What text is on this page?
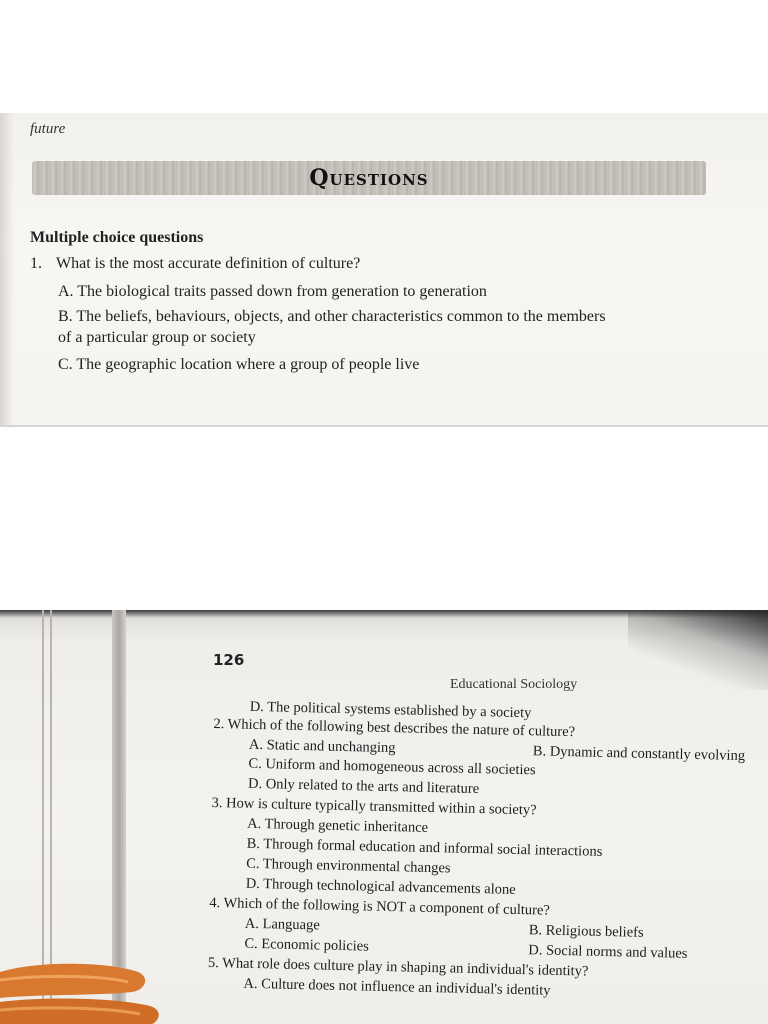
future
Questions
Multiple choice questions
1. What is the most accurate definition of culture?
A. The biological traits passed down from generation to generation
B. The beliefs, behaviours, objects, and other characteristics common to the members
of a particular group or society
C. The geographic location where a group of people live
126
Educational Sociology
D. The political systems established by a society
2. Which of the following best describes the nature of culture?
A. Static and unchanging	B. Dynamic and constantly evolving
C. Uniform and homogeneous across all societies
D. Only related to the arts and literature
3. How is culture typically transmitted within a society?
A. Through genetic inheritance
B. Through formal education and informal social interactions
C. Through environmental changes
D. Through technological advancements alone
4. Which of the following is NOT a component of culture?
A. Language	B. Religious beliefs
C. Economic policies	D. Social norms and values
5. What role does culture play in shaping an individual's identity?
A. Culture does not influence an individual's identity
